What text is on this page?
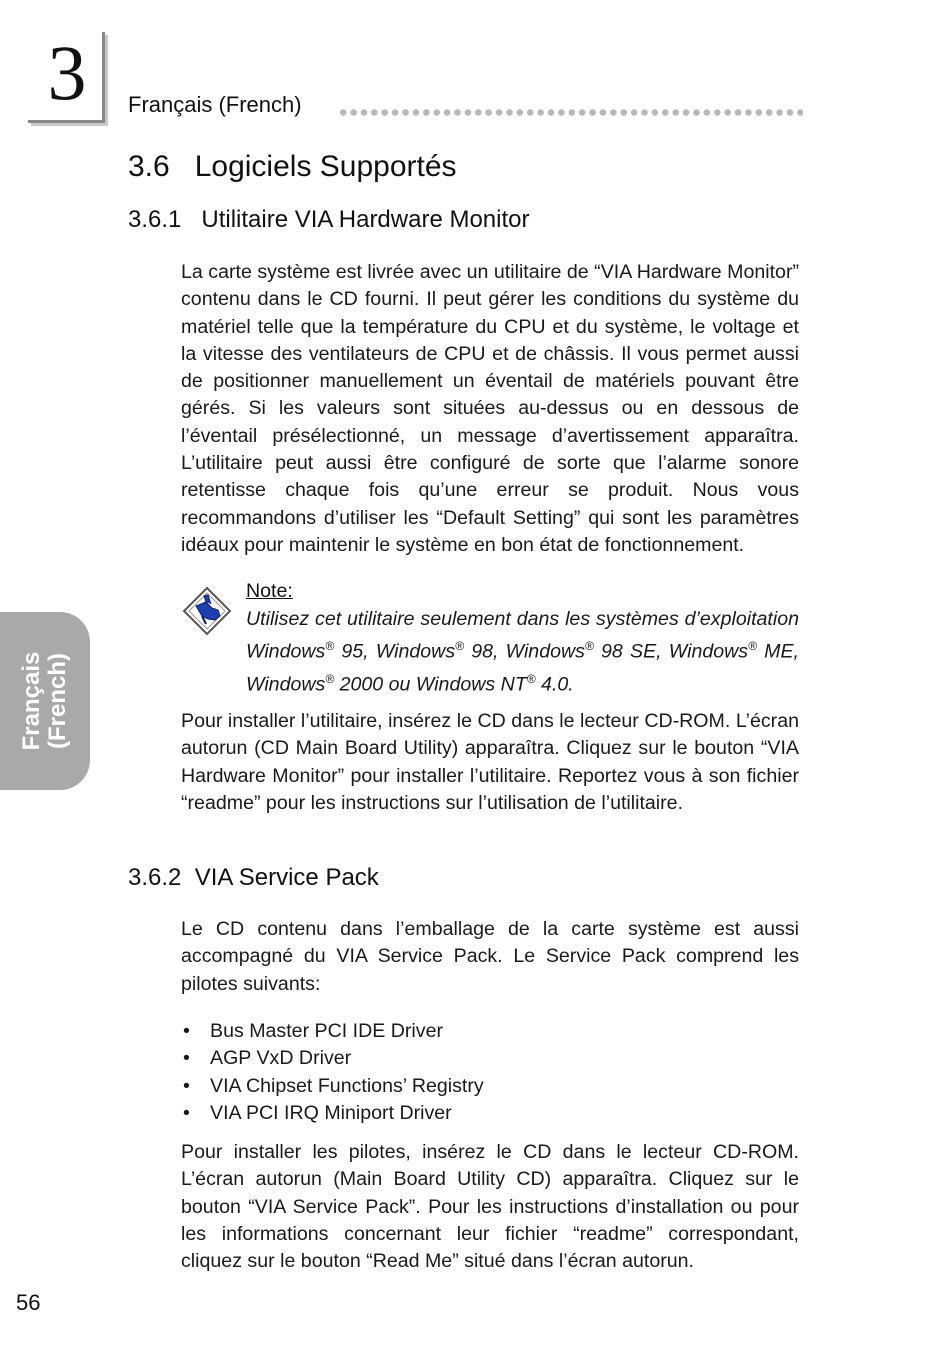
3	Français (French)
Français (French)
3.6   Logiciels Supportés
3.6.1   Utilitaire VIA Hardware Monitor

La carte système est livrée avec un utilitaire de “VIA Hardware Monitor” contenu dans le CD fourni. Il peut gérer les conditions du système du matériel telle que la température du CPU et du système, le voltage et la vitesse des ventilateurs de CPU et de châssis. Il vous permet aussi de positionner manuellement un éventail de matériels pouvant être gérés. Si les valeurs sont situées au-dessus ou en dessous de l’éventail présélectionné, un message d’avertissement apparaîtra. L’utilitaire peut aussi être configuré de sorte que l’alarme sonore retentisse chaque fois qu’une erreur se produit. Nous vous recommandons d’utiliser les “Default Setting” qui sont les paramètres idéaux pour maintenir le système en bon état de fonctionnement.

Note:

Utilisez cet utilitaire seulement dans les systèmes d’exploitation Windows® 95, Windows® 98, Windows® 98 SE, Windows® ME, Windows® 2000 ou Windows NT® 4.0.

Pour installer l’utilitaire, insérez le CD dans le lecteur CD-ROM. L’écran autorun (CD Main Board Utility) apparaîtra. Cliquez sur le bouton “VIA Hardware Monitor” pour installer l’utilitaire. Reportez vous à son fichier “readme” pour les instructions sur l’utilisation de l’utilitaire.

3.6.2  VIA Service Pack

Le CD contenu dans l’emballage de la carte système est aussi accompagné du VIA Service Pack. Le Service Pack comprend les pilotes suivants:

• Bus Master PCI IDE Driver
• AGP VxD Driver
• VIA Chipset Functions’ Registry
• VIA PCI IRQ Miniport Driver

Pour installer les pilotes, insérez le CD dans le lecteur CD-ROM. L’écran autorun (Main Board Utility CD) apparaîtra. Cliquez sur le bouton “VIA Service Pack”. Pour les instructions d’installation ou pour les informations concernant leur fichier “readme” correspondant, cliquez sur le bouton “Read Me” situé dans l’écran autorun.

56
